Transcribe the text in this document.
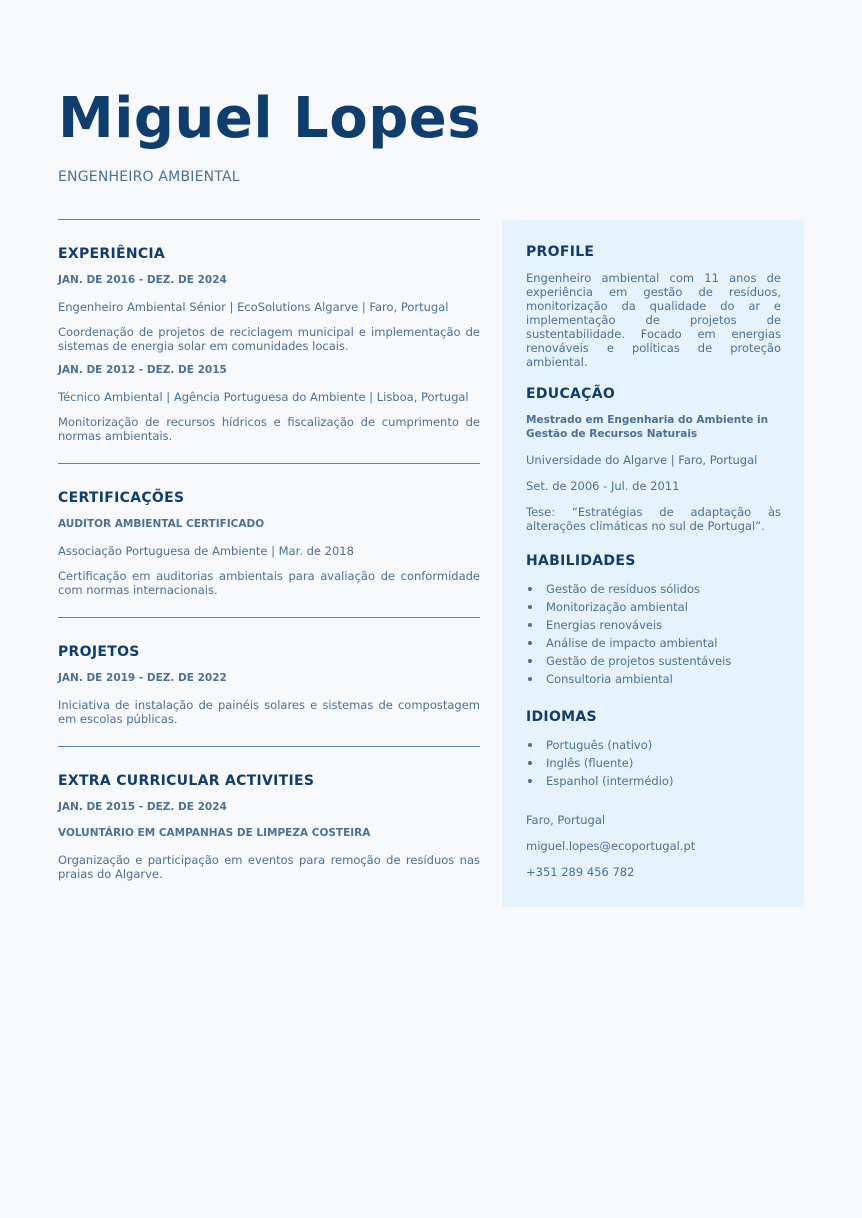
Miguel Lopes
ENGENHEIRO AMBIENTAL
EXPERIÊNCIA
JAN. DE 2016 - DEZ. DE 2024
Engenheiro Ambiental Sénior | EcoSolutions Algarve | Faro, Portugal
Coordenação de projetos de reciclagem municipal e implementação de sistemas de energia solar em comunidades locais.
JAN. DE 2012 - DEZ. DE 2015
Técnico Ambiental | Agência Portuguesa do Ambiente | Lisboa, Portugal
Monitorização de recursos hídricos e fiscalização de cumprimento de normas ambientais.
CERTIFICAÇÕES
AUDITOR AMBIENTAL CERTIFICADO
Associação Portuguesa de Ambiente | Mar. de 2018
Certificação em auditorias ambientais para avaliação de conformidade com normas internacionais.
PROJETOS
JAN. DE 2019 - DEZ. DE 2022
Iniciativa de instalação de painéis solares e sistemas de compostagem em escolas públicas.
EXTRA CURRICULAR ACTIVITIES
JAN. DE 2015 - DEZ. DE 2024
VOLUNTÁRIO EM CAMPANHAS DE LIMPEZA COSTEIRA
Organização e participação em eventos para remoção de resíduos nas praias do Algarve.
PROFILE
Engenheiro ambiental com 11 anos de experiência em gestão de resíduos, monitorização da qualidade do ar e implementação de projetos de sustentabilidade. Focado em energias renováveis e políticas de proteção ambiental.
EDUCAÇÃO
Mestrado em Engenharia do Ambiente in Gestão de Recursos Naturais
Universidade do Algarve | Faro, Portugal
Set. de 2006 - Jul. de 2011
Tese: “Estratégias de adaptação às alterações climáticas no sul de Portugal”.
HABILIDADES
Gestão de resíduos sólidos
Monitorização ambiental
Energias renováveis
Análise de impacto ambiental
Gestão de projetos sustentáveis
Consultoria ambiental
IDIOMAS
Português (nativo)
Inglês (fluente)
Espanhol (intermédio)
Faro, Portugal
miguel.lopes@ecoportugal.pt
+351 289 456 782
